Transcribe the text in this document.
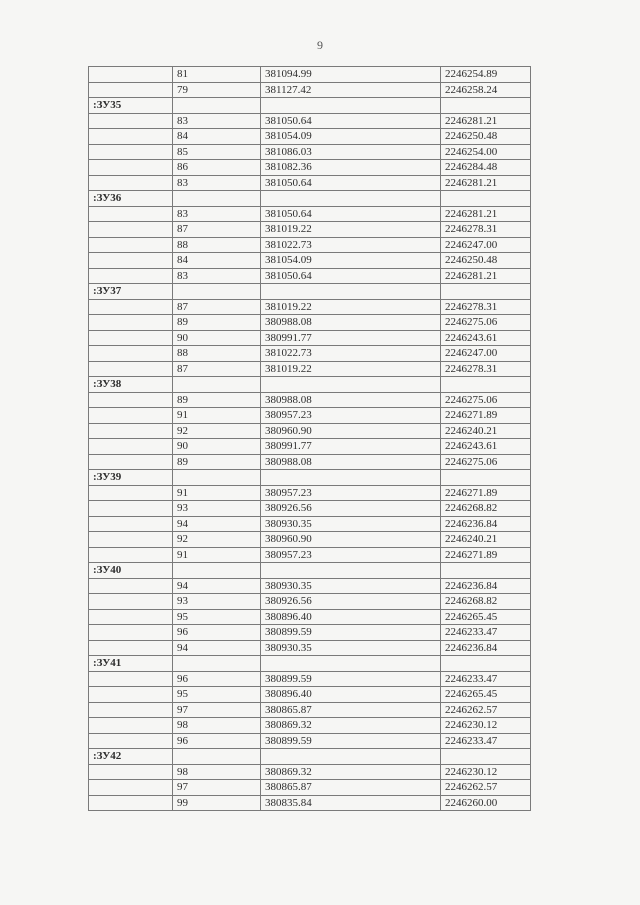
9
	81	381094.99	2246254.89
	79	381127.42	2246258.24
:ЗУ35			
	83	381050.64	2246281.21
	84	381054.09	2246250.48
	85	381086.03	2246254.00
	86	381082.36	2246284.48
	83	381050.64	2246281.21
:ЗУ36			
	83	381050.64	2246281.21
	87	381019.22	2246278.31
	88	381022.73	2246247.00
	84	381054.09	2246250.48
	83	381050.64	2246281.21
:ЗУ37			
	87	381019.22	2246278.31
	89	380988.08	2246275.06
	90	380991.77	2246243.61
	88	381022.73	2246247.00
	87	381019.22	2246278.31
:ЗУ38			
	89	380988.08	2246275.06
	91	380957.23	2246271.89
	92	380960.90	2246240.21
	90	380991.77	2246243.61
	89	380988.08	2246275.06
:ЗУ39			
	91	380957.23	2246271.89
	93	380926.56	2246268.82
	94	380930.35	2246236.84
	92	380960.90	2246240.21
	91	380957.23	2246271.89
:ЗУ40			
	94	380930.35	2246236.84
	93	380926.56	2246268.82
	95	380896.40	2246265.45
	96	380899.59	2246233.47
	94	380930.35	2246236.84
:ЗУ41			
	96	380899.59	2246233.47
	95	380896.40	2246265.45
	97	380865.87	2246262.57
	98	380869.32	2246230.12
	96	380899.59	2246233.47
:ЗУ42			
	98	380869.32	2246230.12
	97	380865.87	2246262.57
	99	380835.84	2246260.00
